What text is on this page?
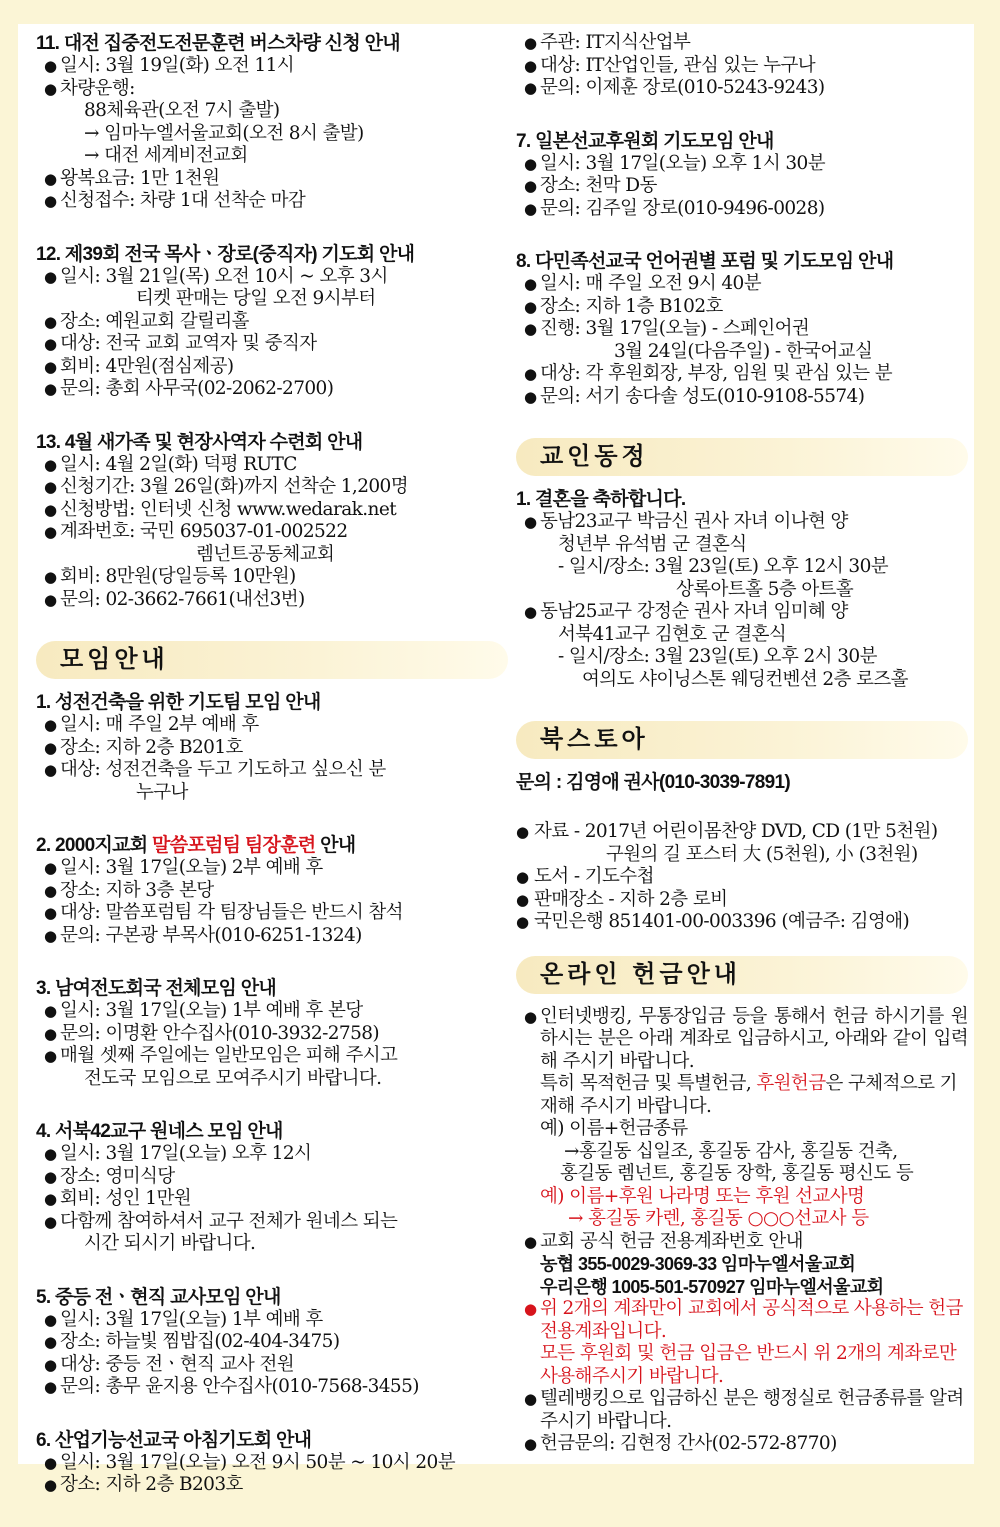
11. 대전 집중전도전문훈련 버스차량 신청 안내
● 일시: 3월 19일(화) 오전 11시
● 차량운행:
88체육관(오전 7시 출발)
→ 임마누엘서울교회(오전 8시 출발)
→ 대전 세계비전교회
● 왕복요금: 1만 1천원
● 신청접수: 차량 1대 선착순 마감
12. 제39회 전국 목사ㆍ장로(중직자) 기도회 안내
● 일시: 3월 21일(목) 오전 10시 ~ 오후 3시
티켓 판매는 당일 오전 9시부터
● 장소: 예원교회 갈릴리홀
● 대상: 전국 교회 교역자 및 중직자
● 회비: 4만원(점심제공)
● 문의: 총회 사무국(02-2062-2700)
13. 4월 새가족 및 현장사역자 수련회 안내
● 일시: 4월 2일(화) 덕평 RUTC
● 신청기간: 3월 26일(화)까지 선착순 1,200명
● 신청방법: 인터넷 신청 www.wedarak.net
● 계좌번호: 국민 695037-01-002522
렘넌트공동체교회
● 회비: 8만원(당일등록 10만원)
● 문의: 02-3662-7661(내선3번)
모임안내
1. 성전건축을 위한 기도팀 모임 안내
● 일시: 매 주일 2부 예배 후
● 장소: 지하 2층 B201호
● 대상: 성전건축을 두고 기도하고 싶으신 분
누구나
2. 2000지교회 말씀포럼팀 팀장훈련 안내
● 일시: 3월 17일(오늘) 2부 예배 후
● 장소: 지하 3층 본당
● 대상: 말씀포럼팀 각 팀장님들은 반드시 참석
● 문의: 구본광 부목사(010-6251-1324)
3. 남여전도회국 전체모임 안내
● 일시: 3월 17일(오늘) 1부 예배 후 본당
● 문의: 이명환 안수집사(010-3932-2758)
● 매월 셋째 주일에는 일반모임은 피해 주시고
전도국 모임으로 모여주시기 바랍니다.
4. 서북42교구 원네스 모임 안내
● 일시: 3월 17일(오늘) 오후 12시
● 장소: 영미식당
● 회비: 성인 1만원
● 다함께 참여하셔서 교구 전체가 원네스 되는
시간 되시기 바랍니다.
5. 중등 전ㆍ현직 교사모임 안내
● 일시: 3월 17일(오늘) 1부 예배 후
● 장소: 하늘빛 찜밥집(02-404-3475)
● 대상: 중등 전ㆍ현직 교사 전원
● 문의: 총무 윤지용 안수집사(010-7568-3455)
6. 산업기능선교국 아침기도회 안내
● 일시: 3월 17일(오늘) 오전 9시 50분 ~ 10시 20분
● 장소: 지하 2층 B203호
● 주관: IT지식산업부
● 대상: IT산업인들, 관심 있는 누구나
● 문의: 이제훈 장로(010-5243-9243)
7. 일본선교후원회 기도모임 안내
● 일시: 3월 17일(오늘) 오후 1시 30분
● 장소: 천막 D동
● 문의: 김주일 장로(010-9496-0028)
8. 다민족선교국 언어권별 포럼 및 기도모임 안내
● 일시: 매 주일 오전 9시 40분
● 장소: 지하 1층 B102호
● 진행: 3월 17일(오늘) - 스페인어권
3월 24일(다음주일) - 한국어교실
● 대상: 각 후원회장, 부장, 임원 및 관심 있는 분
● 문의: 서기 송다솔 성도(010-9108-5574)
교인동정
1. 결혼을 축하합니다.
● 동남23교구 박금신 권사 자녀 이나현 양
청년부 유석범 군 결혼식
- 일시/장소: 3월 23일(토) 오후 12시 30분
상록아트홀 5층 아트홀
● 동남25교구 강정순 권사 자녀 임미혜 양
서북41교구 김현호 군 결혼식
- 일시/장소: 3월 23일(토) 오후 2시 30분
여의도 샤이닝스톤 웨딩컨벤션 2층 로즈홀
북스토아
문의 : 김영애 권사(010-3039-7891)
● 자료 - 2017년 어린이몸찬양 DVD, CD (1만 5천원)
구원의 길 포스터 大 (5천원), 小 (3천원)
● 도서 - 기도수첩
● 판매장소 - 지하 2층 로비
● 국민은행 851401-00-003396 (예금주: 김영애)
온라인 헌금안내
● 인터넷뱅킹, 무통장입금 등을 통해서 헌금 하시기를 원하시는 분은 아래 계좌로 입금하시고, 아래와 같이 입력해 주시기 바랍니다.
특히 목적헌금 및 특별헌금, 후원헌금은 구체적으로 기재해 주시기 바랍니다.
예) 이름+헌금종류
→홍길동 십일조, 홍길동 감사, 홍길동 건축,
홍길동 렘넌트, 홍길동 장학, 홍길동 평신도 등
예) 이름+후원 나라명 또는 후원 선교사명
→ 홍길동 카렌, 홍길동 ○○○선교사 등
● 교회 공식 헌금 전용계좌번호 안내
농협 355-0029-3069-33 임마누엘서울교회
우리은행 1005-501-570927 임마누엘서울교회
● 위 2개의 계좌만이 교회에서 공식적으로 사용하는 헌금 전용계좌입니다.
모든 후원회 및 헌금 입금은 반드시 위 2개의 계좌로만 사용해주시기 바랍니다.
● 텔레뱅킹으로 입금하신 분은 행정실로 헌금종류를 알려주시기 바랍니다.
● 헌금문의: 김현정 간사(02-572-8770)
